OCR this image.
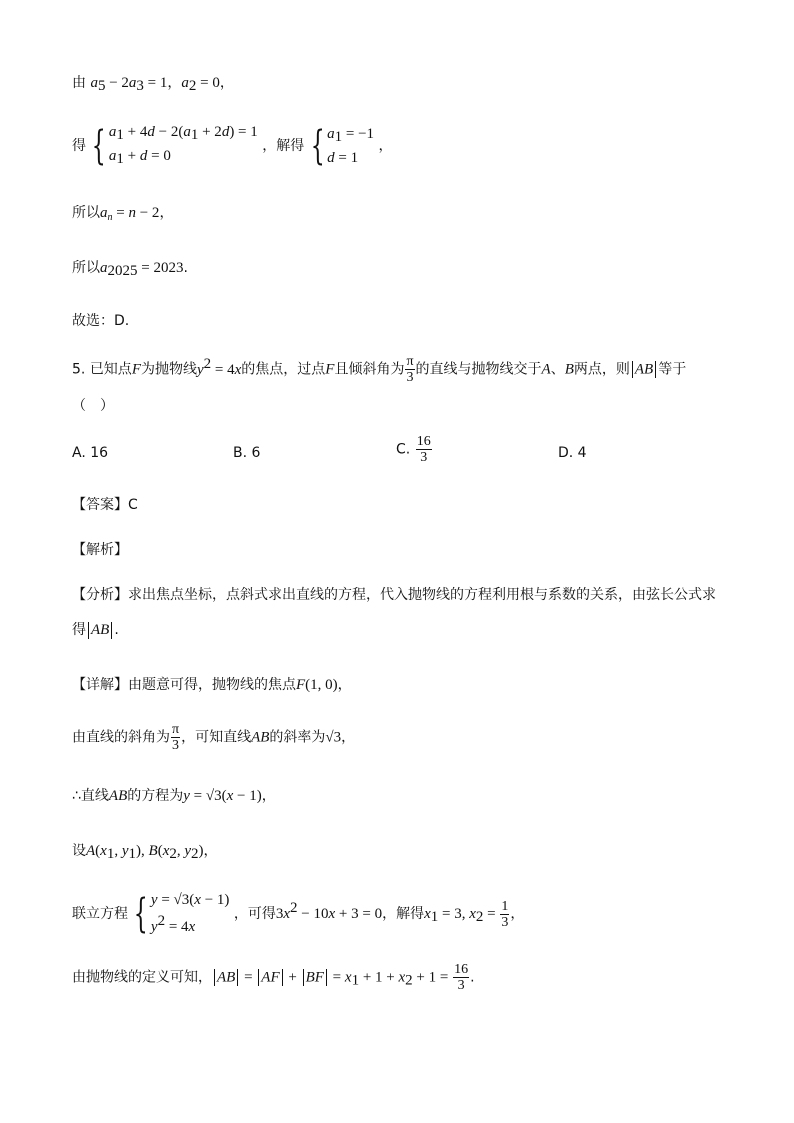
由 $a_5 - 2a_3 = 1$，$a_2 = 0$，
得 { $a_1 + 4d - 2(a_1 + 2d) = 1$
$a_1 + d = 0$
，解得 { $a_1 = -1$
d = 1
，
所以$a_n = n - 2$，
所以$a_{2025} = 2023$.
故选：D.
5. 已知点F为抛物线$y^2 = 4x$的焦点，过点F且倾斜角为 $\frac{\pi}{3}$ 的直线与抛物线交于A、B两点，则 AB 等于
（　）
A. 16	B. 6	C. $\frac{16}{3}$	D. 4
【答案】C
【解析】
【分析】求出焦点坐标，点斜式求出直线的方程，代入抛物线的方程利用根与系数的关系，由弦长公式求
得 AB .
【详解】由题意可得，抛物线的焦点F(1, 0)，
由直线的斜角为 $\frac{\pi}{3}$ ，可知直线AB的斜率为√3，
∴直线AB的方程为y = √3(x − 1)，
设$A(x_1$, $y_1$), $B(x_2$, $y_2$)，
联立方程 { y = √3(x − 1)
$y^2 = 4x$
，可得$3x^2 - 10x + 3 = 0$，解得$x_1 = 3$, $x_2 = \frac{1}{3}$ ，
由抛物线的定义可知， AB = AF + BF = $x_1 + 1 + x_2 + 1 = \frac{16}{3}$ .
